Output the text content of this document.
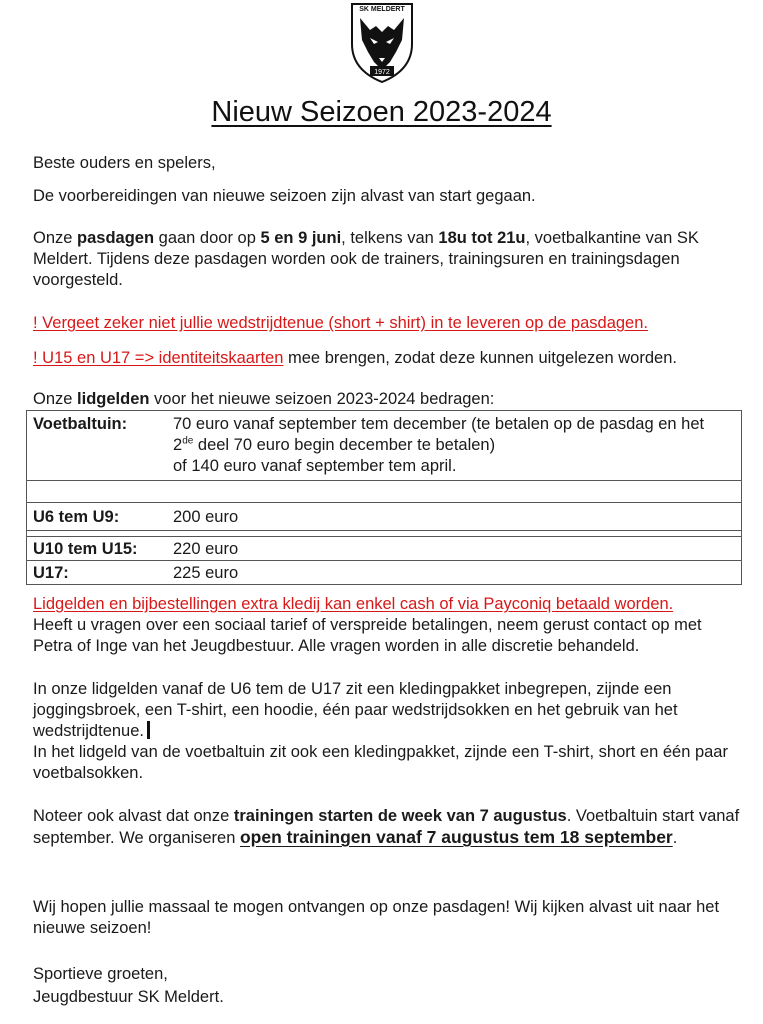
SK MELDERT
1972
Nieuw Seizoen 2023-2024

Beste ouders en spelers,

De voorbereidingen van nieuwe seizoen zijn alvast van start gegaan.

Onze pasdagen gaan door op 5 en 9 juni, telkens van 18u tot 21u, voetbalkantine van SK Meldert. Tijdens deze pasdagen worden ook de trainers, trainingsuren en trainingsdagen voorgesteld.

! Vergeet zeker niet jullie wedstrijdtenue (short + shirt) in te leveren op de pasdagen.

! U15 en U17 => identiteitskaarten mee brengen, zodat deze kunnen uitgelezen worden.

Onze lidgelden voor het nieuwe seizoen 2023-2024 bedragen:

Voetbaltuin:	70 euro vanaf september tem december (te betalen op de pasdag en het
2de deel 70 euro begin december te betalen)
of 140 euro vanaf september tem april.

U6 tem U9:	200 euro

U10 tem U15:	220 euro
U17:	225 euro

Lidgelden en bijbestellingen extra kledij kan enkel cash of via Payconiq betaald worden.

Heeft u vragen over een sociaal tarief of verspreide betalingen, neem gerust contact op met Petra of Inge van het Jeugdbestuur. Alle vragen worden in alle discretie behandeld.

In onze lidgelden vanaf de U6 tem de U17 zit een kledingpakket inbegrepen, zijnde een joggingsbroek, een T-shirt, een hoodie, één paar wedstrijdsokken en het gebruik van het wedstrijdtenue.

In het lidgeld van de voetbaltuin zit ook een kledingpakket, zijnde een T-shirt, short en één paar voetbalsokken.

Noteer ook alvast dat onze trainingen starten de week van 7 augustus. Voetbaltuin start vanaf september. We organiseren open trainingen vanaf 7 augustus tem 18 september.

Wij hopen jullie massaal te mogen ontvangen op onze pasdagen! Wij kijken alvast uit naar het nieuwe seizoen!

Sportieve groeten,

Jeugdbestuur SK Meldert.
